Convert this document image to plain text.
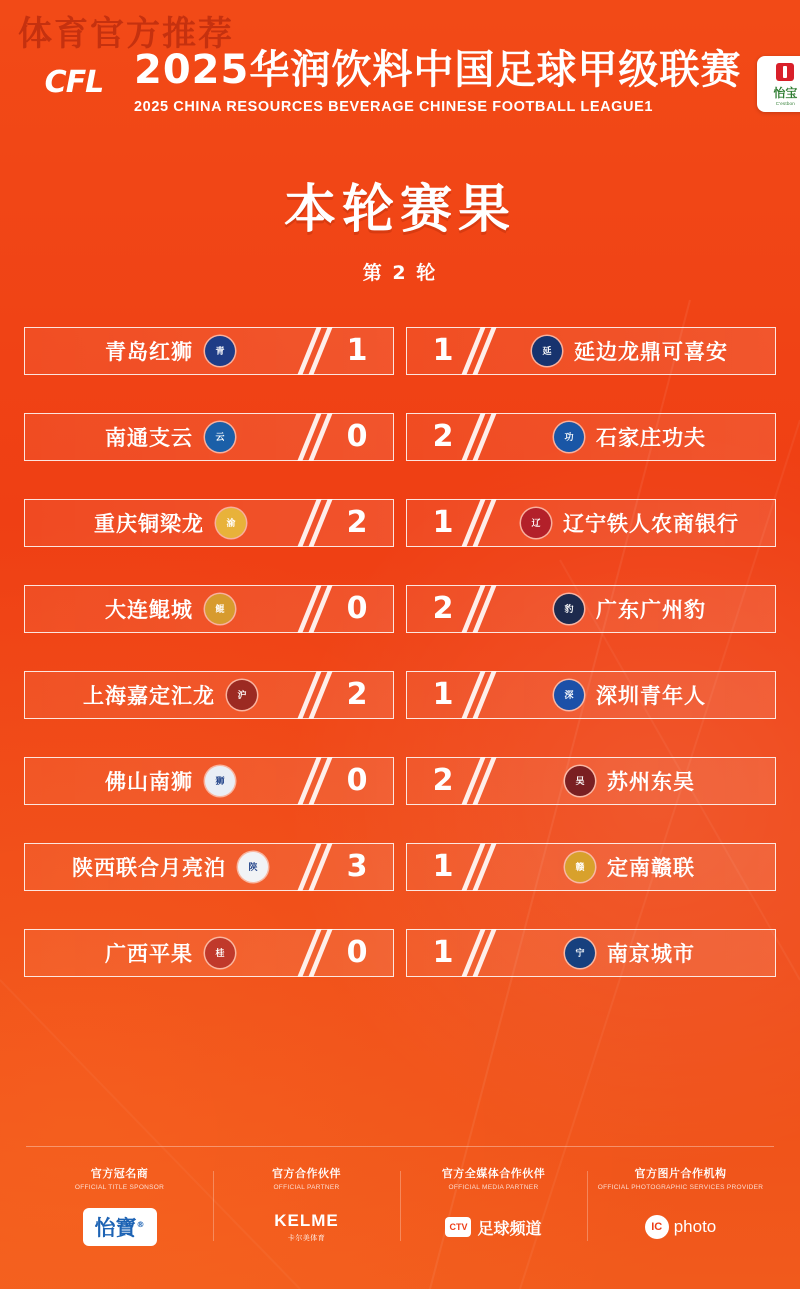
体育官方推荐
CFL 2025华润饮料中国足球甲级联赛
2025 CHINA RESOURCES BEVERAGE CHINESE FOOTBALL LEAGUE1
怡宝
C'estbon
本轮赛果
第 2 轮
青岛红狮	青	1	1	延	延边龙鼎可喜安
南通支云	云	0	2	功	石家庄功夫
重庆铜梁龙	渝	2	1	辽	辽宁铁人农商银行
大连鲲城	鲲	0	2	豹	广东广州豹
上海嘉定汇龙	沪	2	1	深	深圳青年人
佛山南狮	狮	0	2	吴	苏州东吴
陕西联合月亮泊	陕	3	1	赣	定南赣联
广西平果	桂	0	1	宁	南京城市
官方冠名商
OFFICIAL TITLE SPONSOR
怡寶®
官方合作伙伴
OFFICIAL PARTNER
KELME
卡尔美体育
官方全媒体合作伙伴
OFFICIAL MEDIA PARTNER
CTV 足球频道
官方图片合作机构
OFFICIAL PHOTOGRAPHIC SERVICES PROVIDER
IC photo
